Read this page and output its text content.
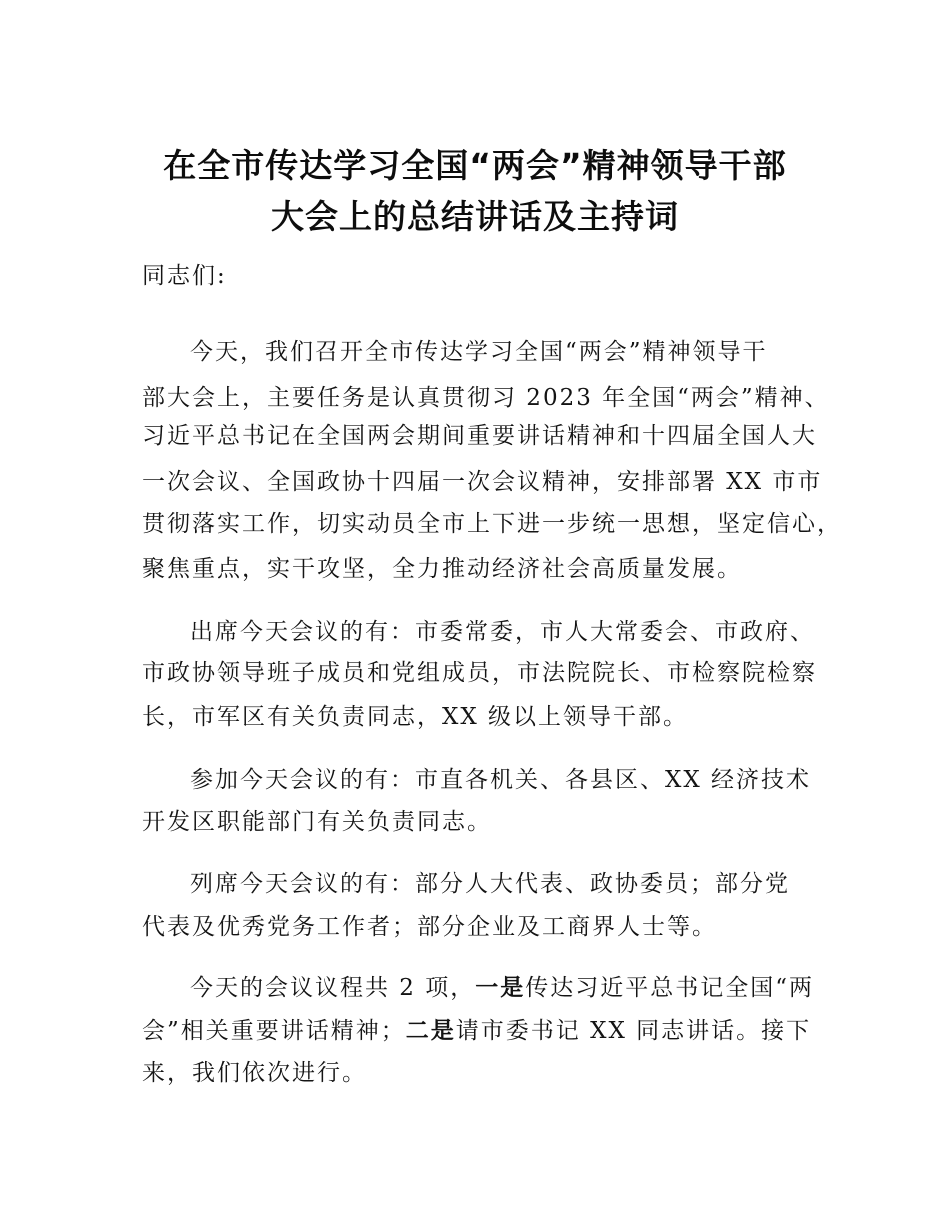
在全市传达学习全国“两会”精神领导干部
大会上的总结讲话及主持词
同志们:
今天，我们召开全市传达学习全国“两会”精神领导干
部大会上，主要任务是认真贯彻习 2023 年全国“两会”精神、
习近平总书记在全国两会期间重要讲话精神和十四届全国人大
一次会议、全国政协十四届一次会议精神，安排部署 XX 市市
贯彻落实工作，切实动员全市上下进一步统一思想，坚定信心，
聚焦重点，实干攻坚，全力推动经济社会高质量发展。
出席今天会议的有：市委常委，市人大常委会、市政府、
市政协领导班子成员和党组成员，市法院院长、市检察院检察
长，市军区有关负责同志，XX 级以上领导干部。
参加今天会议的有：市直各机关、各县区、XX 经济技术
开发区职能部门有关负责同志。
列席今天会议的有：部分人大代表、政协委员；部分党
代表及优秀党务工作者；部分企业及工商界人士等。
今天的会议议程共 2 项，一是传达习近平总书记全国“两
会”相关重要讲话精神；二是请市委书记 XX 同志讲话。接下
来，我们依次进行。
